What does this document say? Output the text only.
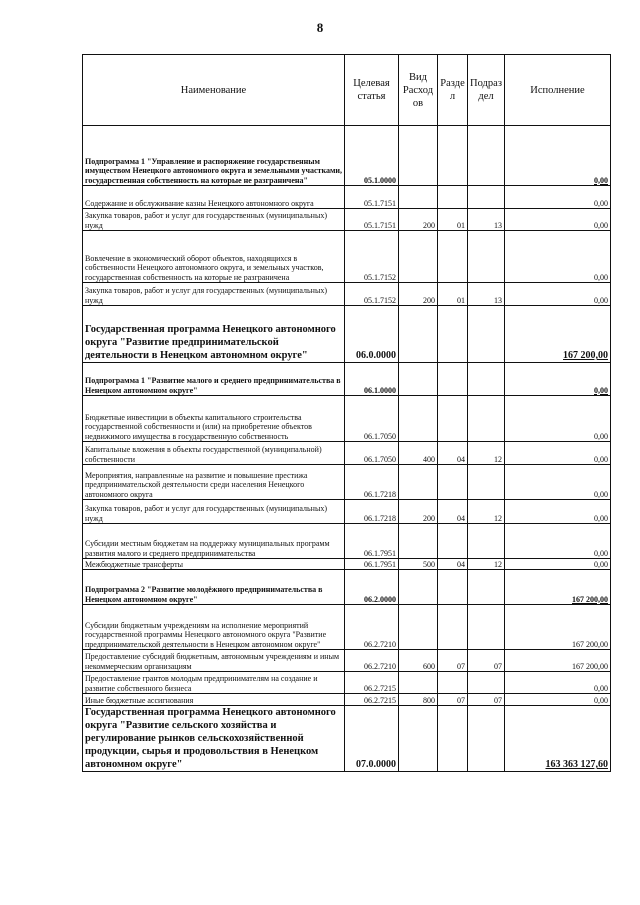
8
Наименование	Целевая статья	Вид Расход ов	Разде л	Подраз дел	Исполнение
Подпрограмма 1 "Управление и распоряжение государственным имуществом Ненецкого автономного округа и земельными участками, государственная собственность на которые не разграничена"	05.1.0000				0,00
Содержание и обслуживание казны Ненецкого автономного округа	05.1.7151				0,00
Закупка товаров, работ и услуг для государственных (муниципальных) нужд	05.1.7151	200	01	13	0,00
Вовлечение в экономический оборот объектов, находящихся в собственности Ненецкого автономного округа, и земельных участков, государственная собственность на которые не разграничена	05.1.7152				0,00
Закупка товаров, работ и услуг для государственных (муниципальных) нужд	05.1.7152	200	01	13	0,00
Государственная программа Ненецкого автономного округа "Развитие предпринимательской деятельности в Ненецком автономном округе"	06.0.0000				167 200,00
Подпрограмма 1 "Развитие малого и среднего предпринимательства в Ненецком автономном округе"	06.1.0000				0,00
Бюджетные инвестиции в объекты капитального строительства государственной собственности и (или) на приобретение объектов недвижимого имущества в государственную собственность	06.1.7050				0,00
Капитальные вложения в объекты государственной (муниципальной) собственности	06.1.7050	400	04	12	0,00
Мероприятия, направленные на развитие и повышение престижа предпринимательской деятельности среди населения Ненецкого автономного округа	06.1.7218				0,00
Закупка товаров, работ и услуг для государственных (муниципальных) нужд	06.1.7218	200	04	12	0,00
Субсидии местным бюджетам на поддержку муниципальных программ развития малого и среднего предпринимательства	06.1.7951				0,00
Межбюджетные трансферты	06.1.7951	500	04	12	0,00
Подпрограмма 2 "Развитие молодёжного предпринимательства в Ненецком автономном округе"	06.2.0000				167 200,00
Субсидии бюджетным учреждениям на исполнение мероприятий государственной программы Ненецкого автономного округа "Развитие предпринимательской деятельности в Ненецком автономном округе"	06.2.7210				167 200,00
Предоставление субсидий бюджетным, автономным учреждениям и иным некоммерческим организациям	06.2.7210	600	07	07	167 200,00
Предоставление грантов молодым предпринимателям на создание и развитие собственного бизнеса	06.2.7215				0,00
Иные бюджетные ассигнования	06.2.7215	800	07	07	0,00
Государственная программа Ненецкого автономного округа "Развитие сельского хозяйства и регулирование рынков сельскохозяйственной продукции, сырья и продовольствия в Ненецком автономном округе"	07.0.0000				163 363 127,60
